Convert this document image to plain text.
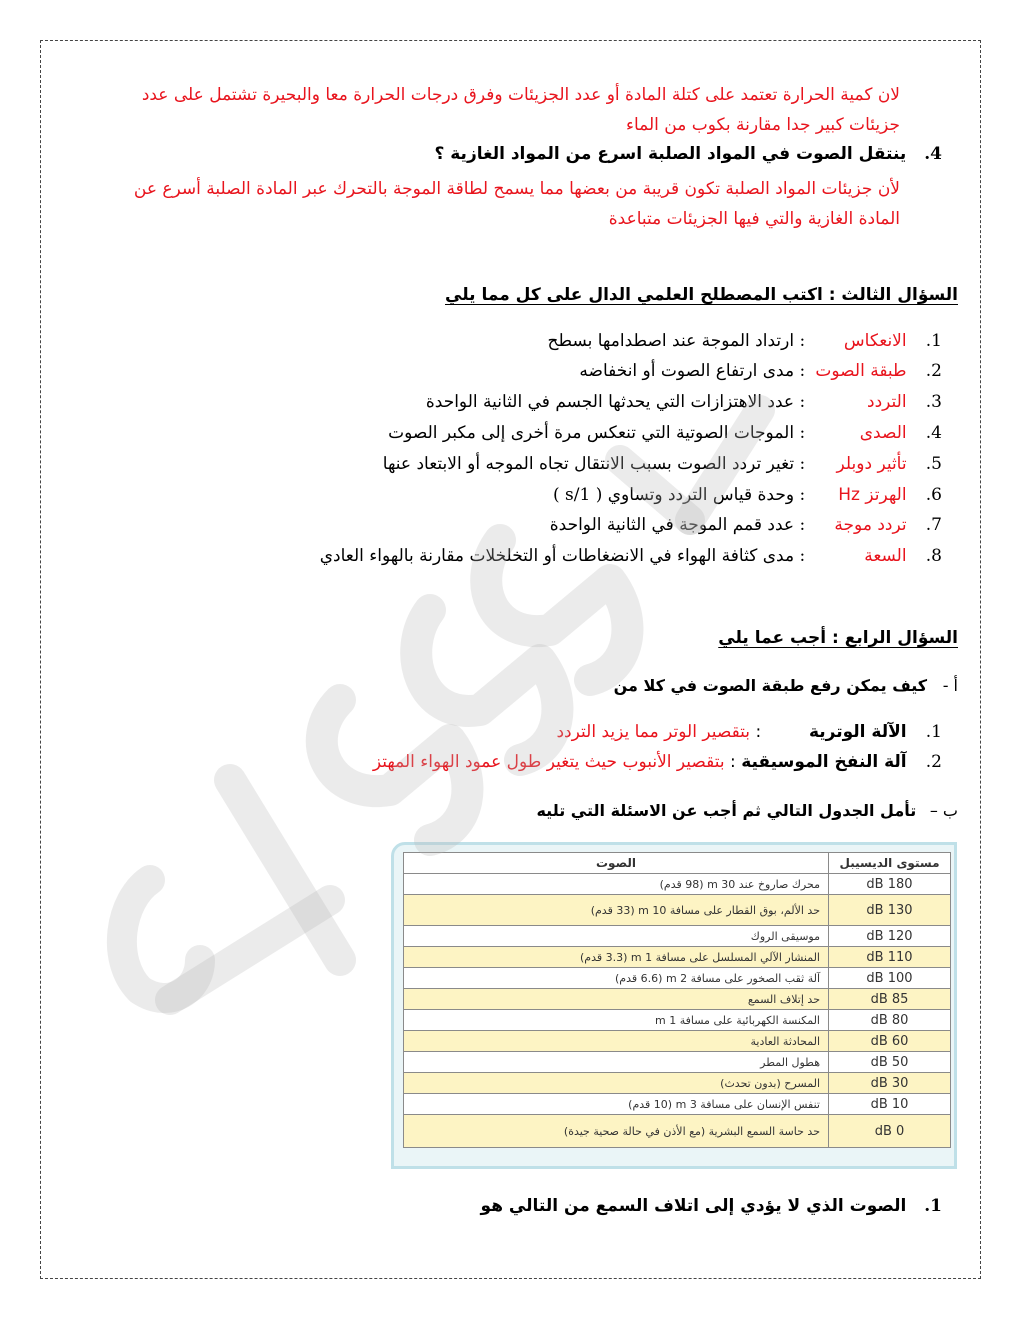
لان كمية الحرارة تعتمد على كتلة المادة أو عدد الجزيئات وفرق درجات الحرارة معا والبحيرة تشتمل على عدد
جزيئات كبير جدا مقارنة بكوب من الماء
4. ينتقل الصوت في المواد الصلبة اسرع من المواد الغازية ؟
لأن جزيئات المواد الصلبة تكون قريبة من بعضها مما يسمح لطاقة الموجة بالتحرك عبر المادة الصلبة أسرع عن
المادة الغازية والتي فيها الجزيئات متباعدة
السؤال الثالث : اكتب المصطلح العلمي الدال على كل مما يلي
1. الانعكاس : ارتداد الموجة عند اصطدامها بسطح
2. طبقة الصوت : مدى ارتفاع الصوت أو انخفاضه
3. التردد : عدد الاهتزازات التي يحدثها الجسم في الثانية الواحدة
4. الصدى : الموجات الصوتية التي تنعكس مرة أخرى إلى مكبر الصوت
5. تأثير دوبلر : تغير تردد الصوت بسبب الانتقال تجاه الموجه أو الابتعاد عنها
6. الهرتز Hz : وحدة قياس التردد وتساوي ( 1/s )
7. تردد موجة : عدد قمم الموجة في الثانية الواحدة
8. السعة : مدى كثافة الهواء في الانضغاطات أو التخلخلات مقارنة بالهواء العادي
السؤال الرابع : أجب عما يلي
أ - كيف يمكن رفع طبقة الصوت في كلا من
1. الآلة الوترية : بتقصير الوتر مما يزيد التردد
2. آلة النفخ الموسيقية : بتقصير الأنبوب حيث يتغير طول عمود الهواء المهتز
ب – تأمل الجدول التالي ثم أجب عن الاسئلة التي تليه
مستوى الديسيبل	الصوت
180 dB	محرك صاروخ عند 30 m (98 قدم)
130 dB	حد الألم، بوق القطار على مسافة 10 m (33 قدم)
120 dB	موسيقى الروك
110 dB	المنشار الآلي المسلسل على مسافة 1 m (3.3 قدم)
100 dB	آلة ثقب الصخور على مسافة 2 m (6.6 قدم)
85 dB	حد إتلاف السمع
80 dB	المكنسة الكهربائية على مسافة 1 m
60 dB	المحادثة العادية
50 dB	هطول المطر
30 dB	المسرح (بدون تحدث)
10 dB	تنفس الإنسان على مسافة 3 m (10 قدم)
0 dB	حد حاسة السمع البشرية (مع الأذن في حالة صحية جيدة)
1. الصوت الذي لا يؤدي إلى اتلاف السمع من التالي هو
